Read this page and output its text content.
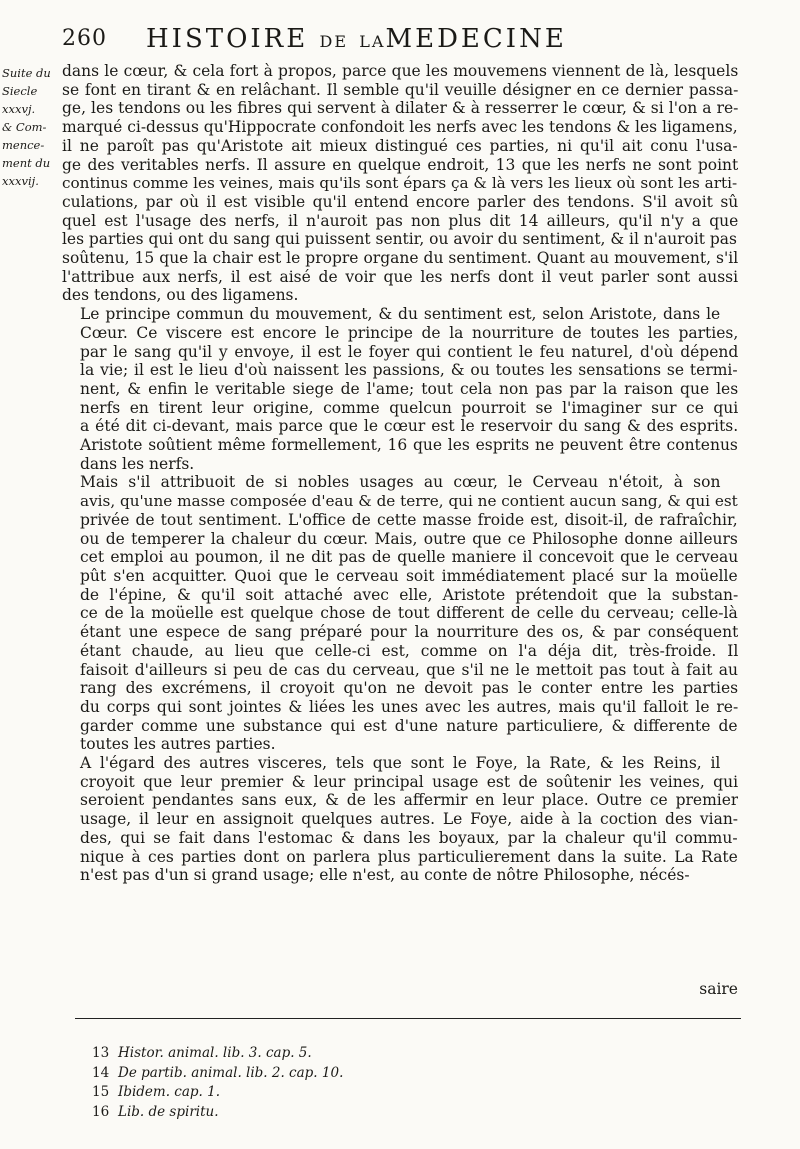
260 HISTOIRE DE LAMEDECINE
Suite du
Siecle
xxxvj.
& Com-
mence-
ment du
xxxvij.

dans le cœur, & cela fort à propos, parce que les mouvemens viennent de là, lesquels
se font en tirant & en relâchant. Il semble qu'il veuille désigner en ce dernier passa-
ge, les tendons ou les fibres qui servent à dilater & à resserrer le cœur, & si l'on a re-
marqué ci-dessus qu'Hippocrate confondoit les nerfs avec les tendons & les ligamens,
il ne paroît pas qu'Aristote ait mieux distingué ces parties, ni qu'il ait conu l'usa-
ge des veritables nerfs. Il assure en quelque endroit, 13 que les nerfs ne sont point
continus comme les veines, mais qu'ils sont épars ça & là vers les lieux où sont les arti-
culations, par où il est visible qu'il entend encore parler des tendons. S'il avoit sû
quel est l'usage des nerfs, il n'auroit pas non plus dit 14 ailleurs, qu'il n'y a que
les parties qui ont du sang qui puissent sentir, ou avoir du sentiment, & il n'auroit pas
soûtenu, 15 que la chair est le propre organe du sentiment. Quant au mouvement, s'il
l'attribue aux nerfs, il est aisé de voir que les nerfs dont il veut parler sont aussi
des tendons, ou des ligamens.

Le principe commun du mouvement, & du sentiment est, selon Aristote, dans le
Cœur. Ce viscere est encore le principe de la nourriture de toutes les parties,
par le sang qu'il y envoye, il est le foyer qui contient le feu naturel, d'où dépend
la vie; il est le lieu d'où naissent les passions, & ou toutes les sensations se termi-
nent, & enfin le veritable siege de l'ame; tout cela non pas par la raison que les
nerfs en tirent leur origine, comme quelcun pourroit se l'imaginer sur ce qui
a été dit ci-devant, mais parce que le cœur est le reservoir du sang & des esprits.
Aristote soûtient même formellement, 16 que les esprits ne peuvent être contenus
dans les nerfs.

Mais s'il attribuoit de si nobles usages au cœur, le Cerveau n'étoit, à son
avis, qu'une masse composée d'eau & de terre, qui ne contient aucun sang, & qui est
privée de tout sentiment. L'office de cette masse froide est, disoit-il, de rafraîchir,
ou de temperer la chaleur du cœur. Mais, outre que ce Philosophe donne ailleurs
cet emploi au poumon, il ne dit pas de quelle maniere il concevoit que le cerveau
pût s'en acquitter. Quoi que le cerveau soit immédiatement placé sur la moüelle
de l'épine, & qu'il soit attaché avec elle, Aristote prétendoit que la substan-
ce de la moüelle est quelque chose de tout different de celle du cerveau; celle-là
étant une espece de sang préparé pour la nourriture des os, & par conséquent
étant chaude, au lieu que celle-ci est, comme on l'a déja dit, très-froide. Il
faisoit d'ailleurs si peu de cas du cerveau, que s'il ne le mettoit pas tout à fait au
rang des excrémens, il croyoit qu'on ne devoit pas le conter entre les parties
du corps qui sont jointes & liées les unes avec les autres, mais qu'il falloit le re-
garder comme une substance qui est d'une nature particuliere, & differente de
toutes les autres parties.

A l'égard des autres visceres, tels que sont le Foye, la Rate, & les Reins, il
croyoit que leur premier & leur principal usage est de soûtenir les veines, qui
seroient pendantes sans eux, & de les affermir en leur place. Outre ce premier
usage, il leur en assignoit quelques autres. Le Foye, aide à la coction des vian-
des, qui se fait dans l'estomac & dans les boyaux, par la chaleur qu'il commu-
nique à ces parties dont on parlera plus particulierement dans la suite. La Rate
n'est pas d'un si grand usage; elle n'est, au conte de nôtre Philosophe, nécés-

saire
13 Histor. animal. lib. 3. cap. 5.
14 De partib. animal. lib. 2. cap. 10.
15 Ibidem. cap. 1.
16 Lib. de spiritu.
